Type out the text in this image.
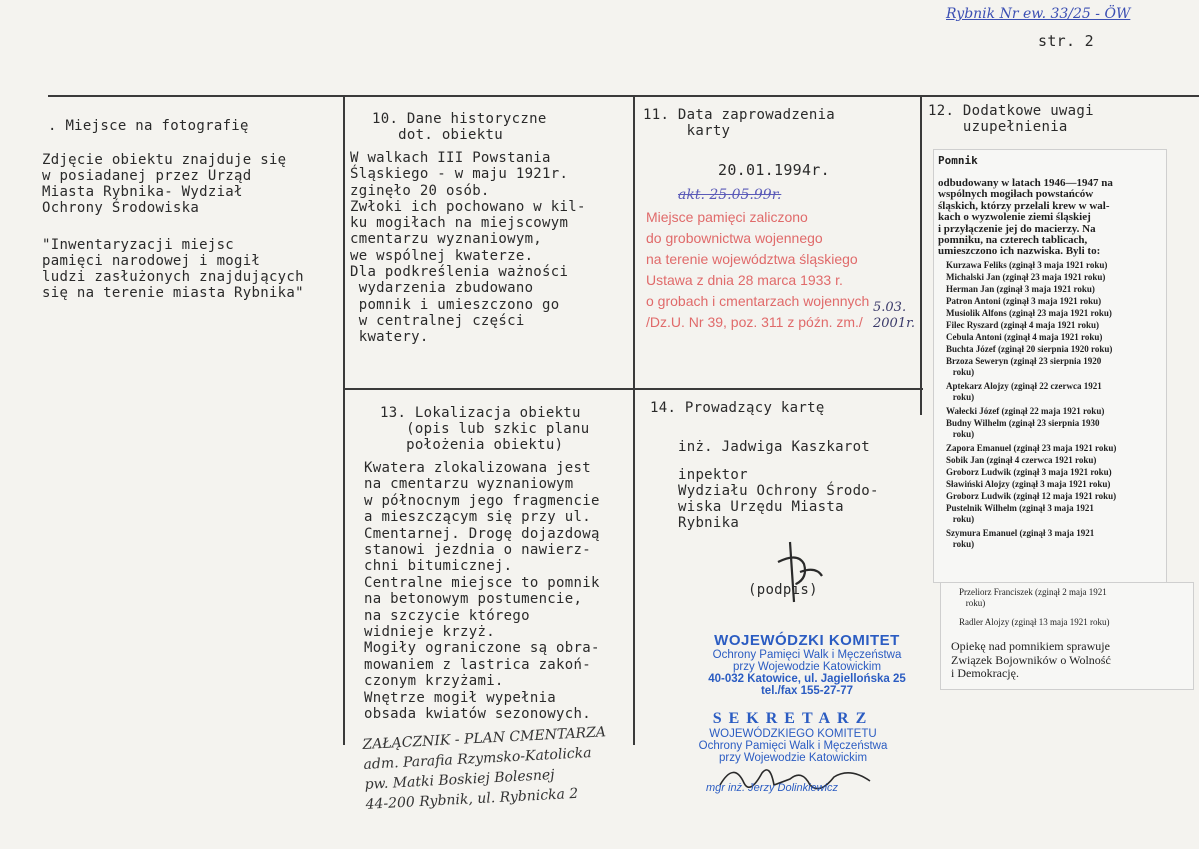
Rybnik Nr ew. 33/25 - ÖW
str. 2
. Miejsce na fotografię
Zdjęcie obiektu znajduje się
w posiadanej przez Urząd
Miasta Rybnika- Wydział
Ochrony Środowiska
"Inwentaryzacji miejsc
pamięci narodowej i mogił
ludzi zasłużonych znajdujących
się na terenie miasta Rybnika"
10. Dane historyczne
dot. obiektu
W walkach III Powstania
Śląskiego - w maju 1921r.
zginęło 20 osób.
Zwłoki ich pochowano w kil-
ku mogiłach na miejscowym
cmentarzu wyznaniowym,
we wspólnej kwaterze.
Dla podkreślenia ważności
wydarzenia zbudowano
pomnik i umieszczono go
w centralnej części
kwatery.
11. Data zaprowadzenia
karty
20.01.1994r.
akt. 25.05.99r.
Miejsce pamięci zaliczono
do grobownictwa wojennego
na terenie województwa śląskiego
Ustawa z dnia 28 marca 1933 r.
o grobach i cmentarzach wojennych
/Dz.U. Nr 39, poz. 311 z późn. zm./
5.03.
2001r.
12. Dodatkowe uwagi
uzupełnienia
Pomnik
odbudowany w latach 1946—1947 na
wspólnych mogiłach powstańców
śląskich, którzy przelali krew w wal-
kach o wyzwolenie ziemi śląskiej
i przyłączenie jej do macierzy. Na
pomniku, na czterech tablicach,
umieszczono ich nazwiska. Byli to:
Kurzawa Feliks (zginął 3 maja 1921 roku)
Michalski Jan (zginął 23 maja 1921 roku)
Herman Jan (zginął 3 maja 1921 roku)
Patron Antoni (zginął 3 maja 1921 roku)
Musiolik Alfons (zginął 23 maja 1921 roku)
Filec Ryszard (zginął 4 maja 1921 roku)
Cebula Antoni (zginął 4 maja 1921 roku)
Buchta Józef (zginął 20 sierpnia 1920 roku)
Brzoza Seweryn (zginął 23 sierpnia 1920
roku)
Aptekarz Alojzy (zginął 22 czerwca 1921
roku)
Wałecki Józef (zginął 22 maja 1921 roku)
Budny Wilhelm (zginął 23 sierpnia 1930
roku)
Zapora Emanuel (zginął 23 maja 1921 roku)
Sobik Jan (zginął 4 czerwca 1921 roku)
Groborz Ludwik (zginął 3 maja 1921 roku)
Sławiński Alojzy (zginął 3 maja 1921 roku)
Groborz Ludwik (zginął 12 maja 1921 roku)
Pustelnik Wilhelm (zginął 3 maja 1921
roku)
Szymura Emanuel (zginął 3 maja 1921
roku)
Przeliorz Franciszek (zginął 2 maja 1921
roku)
Radler Alojzy (zginął 13 maja 1921 roku)
Opiekę nad pomnikiem sprawuje
Związek Bojowników o Wolność
i Demokrację.
13. Lokalizacja obiektu
(opis lub szkic planu
położenia obiektu)
Kwatera zlokalizowana jest
na cmentarzu wyznaniowym
w północnym jego fragmencie
a mieszczącym się przy ul.
Cmentarnej. Drogę dojazdową
stanowi jezdnia o nawierz-
chni bitumicznej.
Centralne miejsce to pomnik
na betonowym postumencie,
na szczycie którego
widnieje krzyż.
Mogiły ograniczone są obra-
mowaniem z lastrica zakoń-
czonym krzyżami.
Wnętrze mogił wypełnia
obsada kwiatów sezonowych.
ZAŁĄCZNIK - PLAN CMENTARZA
adm. Parafia Rzymsko-Katolicka
pw. Matki Boskiej Bolesnej
44-200 Rybnik, ul. Rybnicka 2
14. Prowadzący kartę
inż. Jadwiga Kaszkarot
inpektor
Wydziału Ochrony Środo-
wiska Urzędu Miasta
Rybnika
(podpis)
WOJEWÓDZKI KOMITET
Ochrony Pamięci Walk i Męczeństwa
przy Wojewodzie Katowickim
40-032 Katowice, ul. Jagiellońska 25
tel./fax 155-27-77
SEKRETARZ
WOJEWÓDZKIEGO KOMITETU
Ochrony Pamięci Walk i Męczeństwa
przy Wojewodzie Katowickim
mgr inż. Jerzy Dolinkiewicz
